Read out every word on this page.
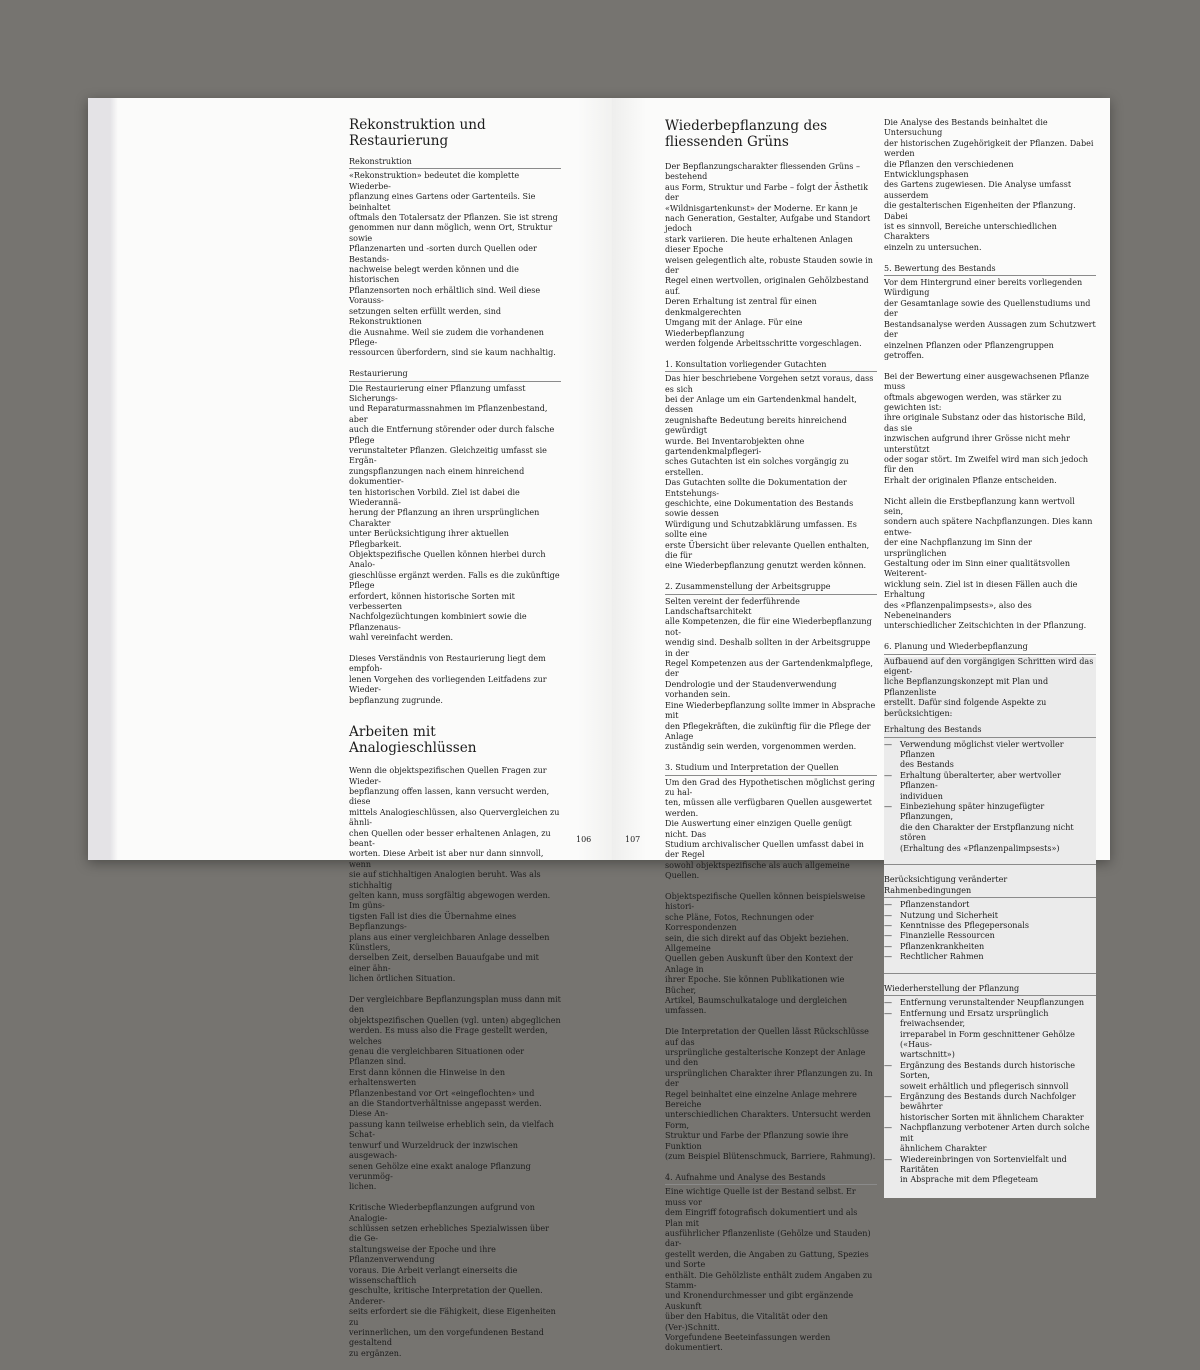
Rekonstruktion und Restaurierung
Rekonstruktion

«Rekonstruktion» bedeutet die komplette Wiederbe-
pflanzung eines Gartens oder Gartenteils. Sie beinhaltet
oftmals den Totalersatz der Pflanzen. Sie ist streng
genommen nur dann möglich, wenn Ort, Struktur sowie
Pflanzenarten und -sorten durch Quellen oder Bestands-
nachweise belegt werden können und die historischen
Pflanzensorten noch erhältlich sind. Weil diese Vorauss-
setzungen selten erfüllt werden, sind Rekonstruktionen
die Ausnahme. Weil sie zudem die vorhandenen Pflege-
ressourcen überfordern, sind sie kaum nachhaltig.

Restaurierung

Die Restaurierung einer Pflanzung umfasst Sicherungs-
und Reparaturmassnahmen im Pflanzenbestand, aber
auch die Entfernung störender oder durch falsche Pflege
verunstalteter Pflanzen. Gleichzeitig umfasst sie Ergän-
zungspflanzungen nach einem hinreichend dokumentier-
ten historischen Vorbild. Ziel ist dabei die Wiederannä-
herung der Pflanzung an ihren ursprünglichen Charakter
unter Berücksichtigung ihrer aktuellen Pflegbarkeit.
Objektspezifische Quellen können hierbei durch Analo-
gieschlüsse ergänzt werden. Falls es die zukünftige Pflege
erfordert, können historische Sorten mit verbesserten
Nachfolgezüchtungen kombiniert sowie die Pflanzenaus-
wahl vereinfacht werden.

Dieses Verständnis von Restaurierung liegt dem empfoh-
lenen Vorgehen des vorliegenden Leitfadens zur Wieder-
bepflanzung zugrunde.

Arbeiten mit Analogieschlüssen

Wenn die objektspezifischen Quellen Fragen zur Wieder-
bepflanzung offen lassen, kann versucht werden, diese
mittels Analogieschlüssen, also Quervergleichen zu ähnli-
chen Quellen oder besser erhaltenen Anlagen, zu beant-
worten. Diese Arbeit ist aber nur dann sinnvoll, wenn
sie auf stichhaltigen Analogien beruht. Was als stichhaltig
gelten kann, muss sorgfältig abgewogen werden. Im güns-
tigsten Fall ist dies die Übernahme eines Bepflanzungs-
plans aus einer vergleichbaren Anlage desselben Künstlers,
derselben Zeit, derselben Bauaufgabe und mit einer ähn-
lichen örtlichen Situation.

Der vergleichbare Bepflanzungsplan muss dann mit den
objektspezifischen Quellen (vgl. unten) abgeglichen
werden. Es muss also die Frage gestellt werden, welches
genau die vergleichbaren Situationen oder Pflanzen sind.
Erst dann können die Hinweise in den erhaltenswerten
Pflanzenbestand vor Ort «eingeflochten» und
an die Standortverhältnisse angepasst werden. Diese An-
passung kann teilweise erheblich sein, da vielfach Schat-
tenwurf und Wurzeldruck der inzwischen ausgewach-
senen Gehölze eine exakt analoge Pflanzung verunmög-
lichen.

Kritische Wiederbepflanzungen aufgrund von Analogie-
schlüssen setzen erhebliches Spezialwissen über die Ge-
staltungsweise der Epoche und ihre Pflanzenverwendung
voraus. Die Arbeit verlangt einerseits die wissenschaftlich
geschulte, kritische Interpretation der Quellen. Anderer-
seits erfordert sie die Fähigkeit, diese Eigenheiten zu
verinnerlichen, um den vorgefundenen Bestand gestaltend
zu ergänzen.

106
Wiederbepflanzung des
fliessenden Grüns

Der Bepflanzungscharakter fliessenden Grüns – bestehend
aus Form, Struktur und Farbe – folgt der Ästhetik der
«Wildnisgartenkunst» der Moderne. Er kann je
nach Generation, Gestalter, Aufgabe und Standort jedoch
stark variieren. Die heute erhaltenen Anlagen dieser Epoche
weisen gelegentlich alte, robuste Stauden sowie in der
Regel einen wertvollen, originalen Gehölzbestand auf.
Deren Erhaltung ist zentral für einen denkmalgerechten
Umgang mit der Anlage. Für eine Wiederbepflanzung
werden folgende Arbeitsschritte vorgeschlagen.

1. Konsultation vorliegender Gutachten

Das hier beschriebene Vorgehen setzt voraus, dass es sich
bei der Anlage um ein Gartendenkmal handelt, dessen
zeugnishafte Bedeutung bereits hinreichend gewürdigt
wurde. Bei Inventarobjekten ohne gartendenkmalpflegeri-
sches Gutachten ist ein solches vorgängig zu erstellen.
Das Gutachten sollte die Dokumentation der Entstehungs-
geschichte, eine Dokumentation des Bestands sowie dessen
Würdigung und Schutzabklärung umfassen. Es sollte eine
erste Übersicht über relevante Quellen enthalten, die für
eine Wiederbepflanzung genutzt werden können.

2. Zusammenstellung der Arbeitsgruppe

Selten vereint der federführende Landschaftsarchitekt
alle Kompetenzen, die für eine Wiederbepflanzung not-
wendig sind. Deshalb sollten in der Arbeitsgruppe in der
Regel Kompetenzen aus der Gartendenkmalpflege, der
Dendrologie und der Staudenverwendung vorhanden sein.
Eine Wiederbepflanzung sollte immer in Absprache mit
den Pflegekräften, die zukünftig für die Pflege der Anlage
zuständig sein werden, vorgenommen werden.

3. Studium und Interpretation der Quellen

Um den Grad des Hypothetischen möglichst gering zu hal-
ten, müssen alle verfügbaren Quellen ausgewertet werden.
Die Auswertung einer einzigen Quelle genügt nicht. Das
Studium archivalischer Quellen umfasst dabei in der Regel
sowohl objektspezifische als auch allgemeine Quellen.

Objektspezifische Quellen können beispielsweise histori-
sche Pläne, Fotos, Rechnungen oder Korrespondenzen
sein, die sich direkt auf das Objekt beziehen. Allgemeine
Quellen geben Auskunft über den Kontext der Anlage in
ihrer Epoche. Sie können Publikationen wie Bücher,
Artikel, Baumschulkataloge und dergleichen umfassen.

Die Interpretation der Quellen lässt Rückschlüsse auf das
ursprüngliche gestalterische Konzept der Anlage und den
ursprünglichen Charakter ihrer Pflanzungen zu. In der
Regel beinhaltet eine einzelne Anlage mehrere Bereiche
unterschiedlichen Charakters. Untersucht werden Form,
Struktur und Farbe der Pflanzung sowie ihre Funktion
(zum Beispiel Blütenschmuck, Barriere, Rahmung).

4. Aufnahme und Analyse des Bestands

Eine wichtige Quelle ist der Bestand selbst. Er muss vor
dem Eingriff fotografisch dokumentiert und als Plan mit
ausführlicher Pflanzenliste (Gehölze und Stauden) dar-
gestellt werden, die Angaben zu Gattung, Spezies und Sorte
enthält. Die Gehölzliste enthält zudem Angaben zu Stamm-
und Kronendurchmesser und gibt ergänzende Auskunft
über den Habitus, die Vitalität oder den (Ver-)Schnitt.
Vorgefundene Beeteinfassungen werden dokumentiert.

Die Analyse des Bestands beinhaltet die Untersuchung
der historischen Zugehörigkeit der Pflanzen. Dabei werden
die Pflanzen den verschiedenen Entwicklungsphasen
des Gartens zugewiesen. Die Analyse umfasst ausserdem
die gestalterischen Eigenheiten der Pflanzung. Dabei
ist es sinnvoll, Bereiche unterschiedlichen Charakters
einzeln zu untersuchen.

5. Bewertung des Bestands

Vor dem Hintergrund einer bereits vorliegenden Würdigung
der Gesamtanlage sowie des Quellenstudiums und der
Bestandsanalyse werden Aussagen zum Schutzwert der
einzelnen Pflanzen oder Pflanzengruppen getroffen.

Bei der Bewertung einer ausgewachsenen Pflanze muss
oftmals abgewogen werden, was stärker zu gewichten ist:
ihre originale Substanz oder das historische Bild, das sie
inzwischen aufgrund ihrer Grösse nicht mehr unterstützt
oder sogar stört. Im Zweifel wird man sich jedoch für den
Erhalt der originalen Pflanze entscheiden.

Nicht allein die Erstbepflanzung kann wertvoll sein,
sondern auch spätere Nachpflanzungen. Dies kann entwe-
der eine Nachpflanzung im Sinn der ursprünglichen
Gestaltung oder im Sinn einer qualitätsvollen Weiterent-
wicklung sein. Ziel ist in diesen Fällen auch die Erhaltung
des «Pflanzenpalimpsests», also des Nebeneinanders
unterschiedlicher Zeitschichten in der Pflanzung.

6. Planung und Wiederbepflanzung

Aufbauend auf den vorgängigen Schritten wird das eigent-
liche Bepflanzungskonzept mit Plan und Pflanzenliste
erstellt. Dafür sind folgende Aspekte zu berücksichtigen:

Erhaltung des Bestands
— Verwendung möglichst vieler wertvoller Pflanzen
des Bestands
— Erhaltung überalterter, aber wertvoller Pflanzen-
individuen
— Einbeziehung später hinzugefügter Pflanzungen,
die den Charakter der Erstpflanzung nicht stören
(Erhaltung des «Pflanzenpalimpsests»)
Berücksichtigung veränderter Rahmenbedingungen
— Pflanzenstandort
— Nutzung und Sicherheit
— Kenntnisse des Pflegepersonals
— Finanzielle Ressourcen
— Pflanzenkrankheiten
— Rechtlicher Rahmen
Wiederherstellung der Pflanzung
— Entfernung verunstaltender Neupflanzungen
— Entfernung und Ersatz ursprünglich freiwachsender,
irreparabel in Form geschnittener Gehölze («Haus-
wartschnitt»)
— Ergänzung des Bestands durch historische Sorten,
soweit erhältlich und pflegerisch sinnvoll
— Ergänzung des Bestands durch Nachfolger bewährter
historischer Sorten mit ähnlichem Charakter
— Nachpflanzung verbotener Arten durch solche mit
ähnlichem Charakter
— Wiedereinbringen von Sortenvielfalt und Raritäten
in Absprache mit dem Pflegeteam
107
